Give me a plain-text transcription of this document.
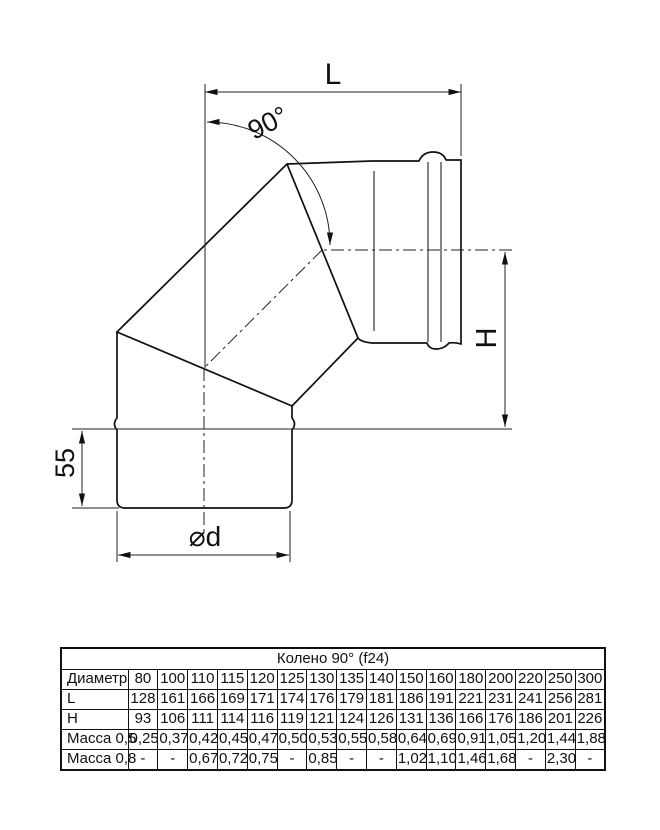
L
90°
H
55
⌀d
Колено 90° (f24)																
Диаметр	80	100	110	115	120	125	130	135	140	150	160	180	200	220	250	300
L	128	161	166	169	171	174	176	179	181	186	191	221	231	241	256	281
H	93	106	111	114	116	119	121	124	126	131	136	166	176	186	201	226
Масса 0,5	0,25	0,37	0,42	0,45	0,47	0,50	0,53	0,55	0,58	0,64	0,69	0,91	1,05	1,20	1,44	1,88
Масса 0,8	-	-	0,67	0,72	0,75	-	0,85	-	-	1,02	1,10	1,46	1,68	-	2,30	-
